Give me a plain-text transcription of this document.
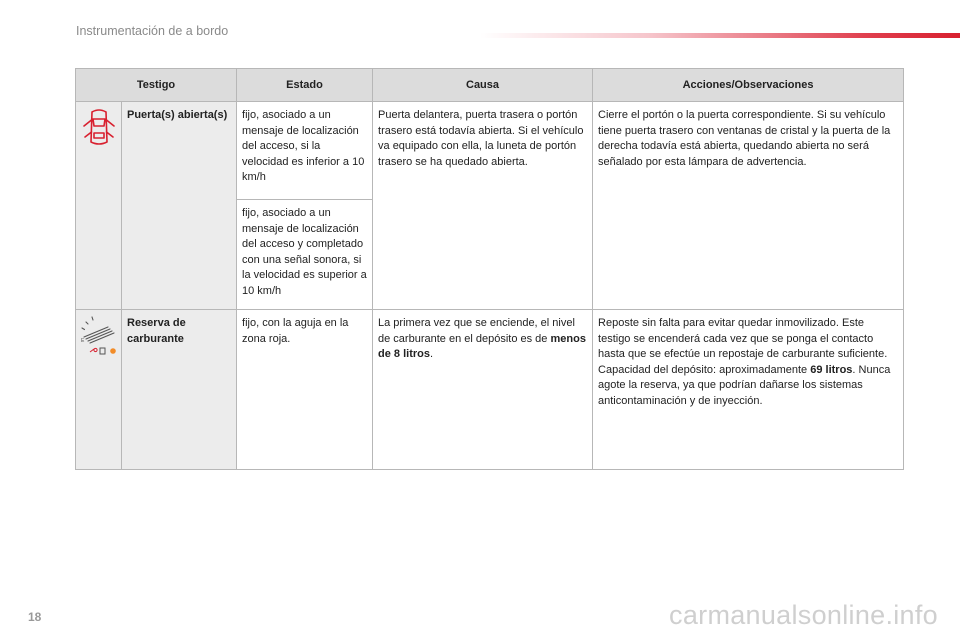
Instrumentación de a bordo
Testigo		Estado	Causa	Acciones/Observaciones
	Puerta(s) abierta(s)	fijo, asociado a un mensaje de localización del acceso, si la velocidad es inferior a 10 km/h	Puerta delantera, puerta trasera o portón trasero está todavía abierta. Si el vehículo va equipado con ella, la luneta de portón trasero se ha quedado abierta.	Cierre el portón o la puerta correspondiente. Si su vehículo tiene puerta trasero con ventanas de cristal y la puerta de la derecha todavía está abierta, quedando abierta no será señalado por esta lámpara de advertencia.
		fijo, asociado a un mensaje de localización del acceso y completado con una señal sonora, si la velocidad es superior a 10 km/h		

E	Reserva de carburante	fijo, con la aguja en la zona roja.	La primera vez que se enciende, el nivel de carburante en el depósito es de menos de 8 litros.	Reposte sin falta para evitar quedar inmovilizado. Este testigo se encenderá cada vez que se ponga el contacto hasta que se efectúe un repostaje de carburante suficiente. Capacidad del depósito: aproximadamente 69 litros. Nunca agote la reserva, ya que podrían dañarse los sistemas anticontaminación y de inyección.
18	carmanualsonline.info
